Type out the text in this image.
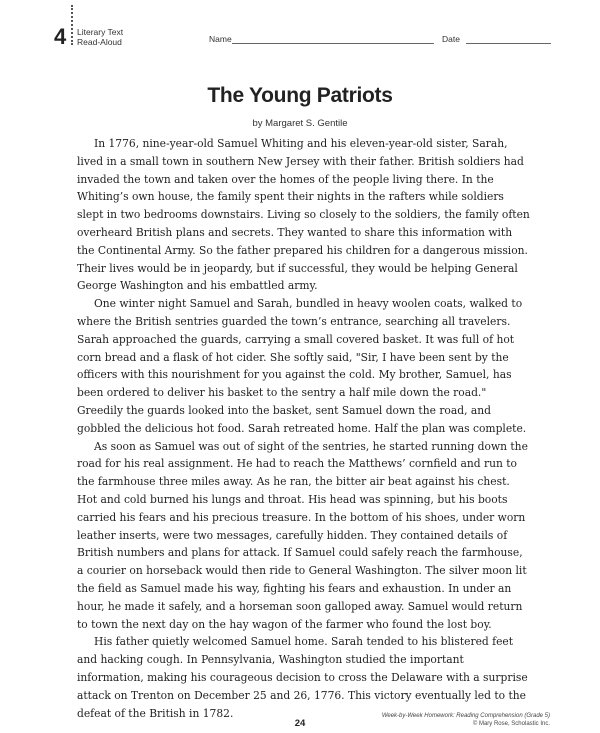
4 Literary Text
Read-Aloud	Name	Date
The Young Patriots
by Margaret S. Gentile

In 1776, nine-year-old Samuel Whiting and his eleven-year-old sister, Sarah, lived in a small town in southern New Jersey with their father. British soldiers had invaded the town and taken over the homes of the people living there. In the Whiting’s own house, the family spent their nights in the rafters while soldiers slept in two bedrooms downstairs. Living so closely to the soldiers, the family often overheard British plans and secrets. They wanted to share this information with the Continental Army. So the father prepared his children for a dangerous mission. Their lives would be in jeopardy, but if successful, they would be helping General George Washington and his embattled army.

One winter night Samuel and Sarah, bundled in heavy woolen coats, walked to where the British sentries guarded the town’s entrance, searching all travelers. Sarah approached the guards, carrying a small covered basket. It was full of hot corn bread and a flask of hot cider. She softly said, "Sir, I have been sent by the officers with this nourishment for you against the cold. My brother, Samuel, has been ordered to deliver his basket to the sentry a half mile down the road." Greedily the guards looked into the basket, sent Samuel down the road, and gobbled the delicious hot food. Sarah retreated home. Half the plan was complete.

As soon as Samuel was out of sight of the sentries, he started running down the road for his real assignment. He had to reach the Matthews’ cornfield and run to the farmhouse three miles away. As he ran, the bitter air beat against his chest. Hot and cold burned his lungs and throat. His head was spinning, but his boots carried his fears and his precious treasure. In the bottom of his shoes, under worn leather inserts, were two messages, carefully hidden. They contained details of British numbers and plans for attack. If Samuel could safely reach the farmhouse, a courier on horseback would then ride to General Washington. The silver moon lit the field as Samuel made his way, fighting his fears and exhaustion. In under an hour, he made it safely, and a horseman soon galloped away. Samuel would return to town the next day on the hay wagon of the farmer who found the lost boy.

His father quietly welcomed Samuel home. Sarah tended to his blistered feet and hacking cough. In Pennsylvania, Washington studied the important information, making his courageous decision to cross the Delaware with a surprise attack on Trenton on December 25 and 26, 1776. This victory eventually led to the defeat of the British in 1782.

24
Week-by-Week Homework: Reading Comprehension (Grade 5)
© Mary Rose, Scholastic Inc.
